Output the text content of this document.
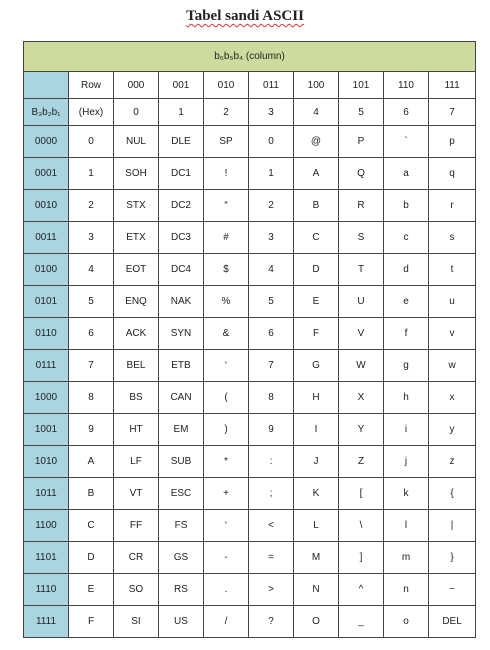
Tabel sandi ASCII
b₆b₅b₄ (column)									
	Row	000	001	010	011	100	101	110	111
B₃b₂b₁	(Hex)	0	1	2	3	4	5	6	7
0000	0	NUL	DLE	SP	0	@	P	`	p
0001	1	SOH	DC1	!	1	A	Q	a	q
0010	2	STX	DC2	“	2	B	R	b	r
0011	3	ETX	DC3	#	3	C	S	c	s
0100	4	EOT	DC4	$	4	D	T	d	t
0101	5	ENQ	NAK	%	5	E	U	e	u
0110	6	ACK	SYN	&	6	F	V	f	v
0111	7	BEL	ETB	‘	7	G	W	g	w
1000	8	BS	CAN	(	8	H	X	h	x
1001	9	HT	EM	)	9	I	Y	i	y
1010	A	LF	SUB	*	:	J	Z	j	z
1011	B	VT	ESC	+	;	K	[	k	{
1100	C	FF	FS	‘	<	L	\	l	|
1101	D	CR	GS	-	=	M	]	m	}
1110	E	SO	RS	.	>	N	^	n	~
1111	F	SI	US	/	?	O	_	o	DEL
